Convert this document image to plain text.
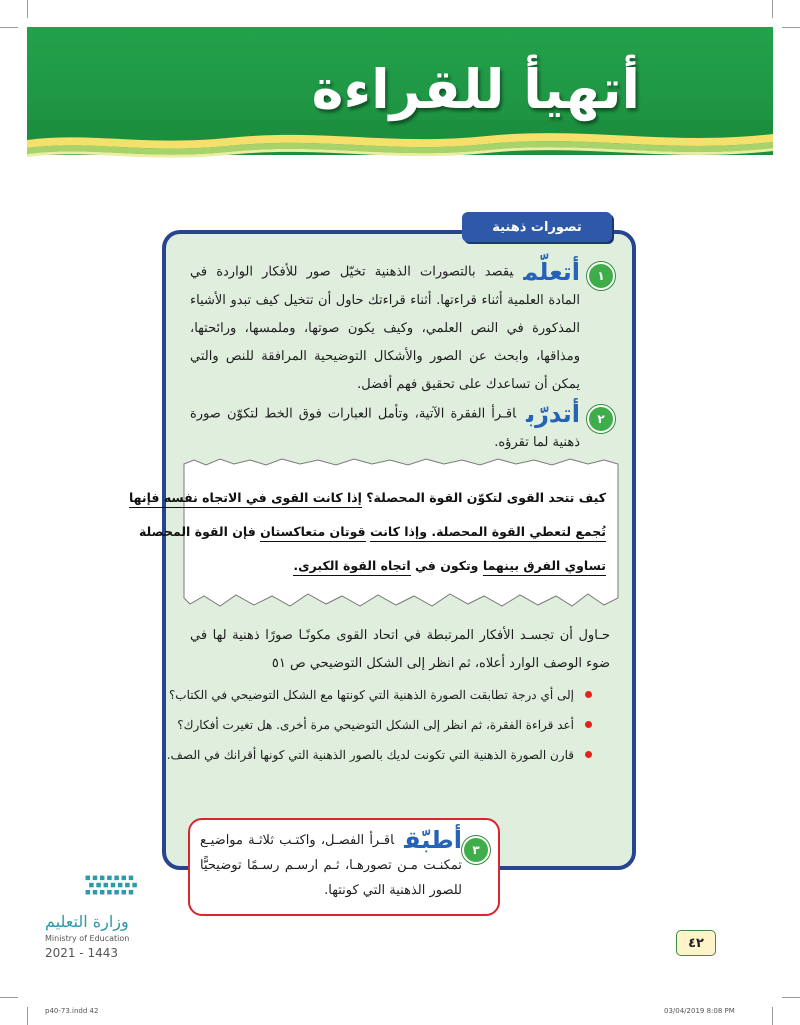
أتهيأ للقراءة
تصورات ذهنية
١
أتعلّميقصد بالتصورات الذهنية تخيّل صور للأفكار الواردة في المادة العلمية أثناء قراءتها. أثناء قراءتك حاول أن تتخيل كيف تبدو الأشياء المذكورة في النص العلمي، وكيف يكون صوتها، وملمسها، ورائحتها، ومذاقها، وابحث عن الصور والأشكال التوضيحية المرافقة للنص والتي يمكن أن تساعدك على تحقيق فهم أفضل.
٢
أتدرّباقـرأ الفقرة الآتية، وتأمل العبارات فوق الخط لتكوّن صورة ذهنية لما تقرؤه.
كيف تتحد القوى لتكوّن القوة المحصلة؟ إذا كانت القوى في الاتجاه نفسه فإنها
تُجمع لتعطي القوة المحصلة. وإذا كانت قوتان متعاكستان فإن القوة المحصلة
تساوي الفرق بينهما وتكون في اتجاه القوة الكبرى.
حـاول أن تجسـد الأفكار المرتبطة في اتحاد القوى مكونًـا صورًا ذهنية لها في ضوء الوصف الوارد أعلاه، ثم انظر إلى الشكل التوضيحي ص ٥١
إلى أي درجة تطابقت الصورة الذهنية التي كونتها مع الشكل التوضيحي في الكتاب؟
أعد قراءة الفقرة، ثم انظر إلى الشكل التوضيحي مرة أخرى. هل تغيرت أفكارك؟
قارن الصورة الذهنية التي تكونت لديك بالصور الذهنية التي كونها أقرانك في الصف.
٣
أطبّقاقـرأ الفصـل، واكتـب ثلاثـة مواضيـع تمكنـت مـن تصورهـا، ثـم ارسـم رسـمًا توضيحيًّا للصور الذهنية التي كونتها.
وزارة التعليم
Ministry of Education
2021 - 1443
٤٢
p40-73.indd 42	03/04/2019 8:08 PM
